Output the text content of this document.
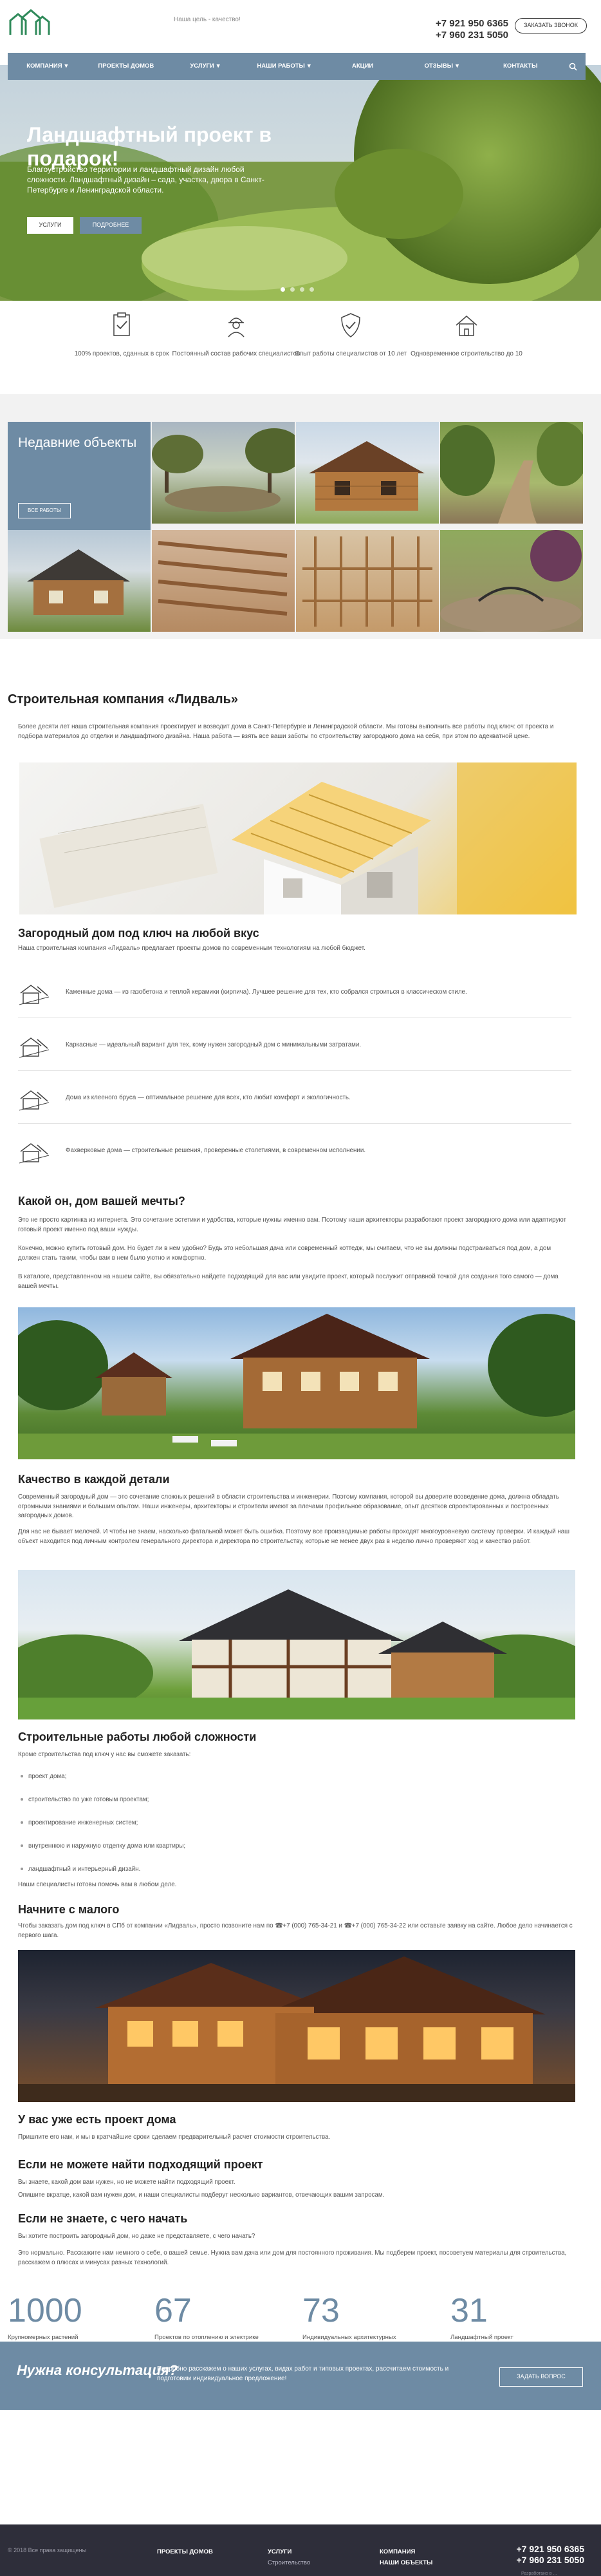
Наша цель - качество!	+7 921 950 6365
+7 960 231 5050
ЗАКАЗАТЬ ЗВОНОК
Ландшафтный проект в подарок!
Благоустройство территории и ландшафтный дизайн любой сложности. Ландшафтный дизайн – сада, участка, двора в Санкт-Петербурге и Ленинградской области.
УСЛУГИ	ПОДРОБНЕЕ
КОМПАНИЯ ▾	ПРОЕКТЫ ДОМОВ	УСЛУГИ ▾	НАШИ РАБОТЫ ▾	АКЦИИ	ОТЗЫВЫ ▾	КОНТАКТЫ
100% проектов, сданных в срок Постоянный состав рабочих специалистов
Опыт работы специалистов от 10 лет Одновременное строительство до 10
Недавние объекты
ВСЕ РАБОТЫ
Строительная компания «Лидваль»
Более десяти лет наша строительная компания проектирует и возводит дома в Санкт-Петербурге и Ленинградской области. Мы готовы выполнить все работы под ключ: от проекта и подбора материалов до отделки и ландшафтного дизайна. Наша работа — взять все ваши заботы по строительству загородного дома на себя, при этом по адекватной цене.
Загородный дом под ключ на любой вкус
Наша строительная компания «Лидваль» предлагает проекты домов по современным технологиям на любой бюджет.
Каменные дома — из газобетона и теплой керамики (кирпича). Лучшее решение для тех, кто собрался строиться в классическом стиле.
Каркасные — идеальный вариант для тех, кому нужен загородный дом с минимальными затратами.
Дома из клееного бруса — оптимальное решение для всех, кто любит комфорт и экологичность.
Фахверковые дома — строительные решения, проверенные столетиями, в современном исполнении.
Какой он, дом вашей мечты?
Это не просто картинка из интернета. Это сочетание эстетики и удобства, которые нужны именно вам. Поэтому наши архитекторы разработают проект загородного дома или адаптируют готовый проект именно под ваши нужды.
Конечно, можно купить готовый дом. Но будет ли в нем удобно? Будь это небольшая дача или современный коттедж, мы считаем, что не вы должны подстраиваться под дом, а дом должен стать таким, чтобы вам в нем было уютно и комфортно.
В каталоге, представленном на нашем сайте, вы обязательно найдете подходящий для вас или увидите проект, который послужит отправной точкой для создания того самого — дома вашей мечты.
Качество в каждой детали
Современный загородный дом — это сочетание сложных решений в области строительства и инженерии. Поэтому компания, которой вы доверите возведение дома, должна обладать огромными знаниями и большим опытом. Наши инженеры, архитекторы и строители имеют за плечами профильное образование, опыт десятков спроектированных и построенных загородных домов.
Для нас не бывает мелочей. И чтобы не знаем, насколько фатальной может быть ошибка. Поэтому все производимые работы проходят многоуровневую систему проверки. И каждый наш объект находится под личным контролем генерального директора и директора по строительству, которые не менее двух раз в неделю лично проверяют ход и качество работ.
Строительные работы любой сложности
Кроме строительства под ключ у нас вы сможете заказать:
проект дома;
строительство по уже готовым проектам;
проектирование инженерных систем;
внутреннюю и наружную отделку дома или квартиры;
ландшафтный и интерьерный дизайн.
Наши специалисты готовы помочь вам в любом деле.
Начните с малого
Чтобы заказать дом под ключ в СПб от компании «Лидваль», просто позвоните нам по ☎+7 (000) 765-34-21 и ☎+7 (000) 765-34-22 или оставьте заявку на сайте. Любое дело начинается с первого шага.
У вас уже есть проект дома
Пришлите его нам, и мы в кратчайшие сроки сделаем предварительный расчет стоимости строительства.
Если не можете найти подходящий проект
Вы знаете, какой дом вам нужен, но не можете найти подходящий проект.
Опишите вкратце, какой вам нужен дом, и наши специалисты подберут несколько вариантов, отвечающих вашим запросам.
Если не знаете, с чего начать
Вы хотите построить загородный дом, но даже не представляете, с чего начать?
Это нормально. Расскажите нам немного о себе, о вашей семье. Нужна вам дача или дом для постоянного проживания. Мы подберем проект, посоветуем материалы для строительства, расскажем о плюсах и минусах разных технологий.
1000
Крупномерных растений
67
Проектов по отоплению и электрике
73
Индивидуальных архитектурных
31
Ландшафтный проект
Нужна консультация?
Подробно расскажем о наших услугах, видах работ и типовых проектах, рассчитаем стоимость и подготовим индивидуальное предложение!	ЗАДАТЬ ВОПРОС
© 2018 Все права защищены	ПРОЕКТЫ ДОМОВ	УСЛУГИ
Строительство
КОМПАНИЯ
НАШИ ОБЪЕКТЫ
+7 921 950 6365
+7 960 231 5050
Разработано в ...
